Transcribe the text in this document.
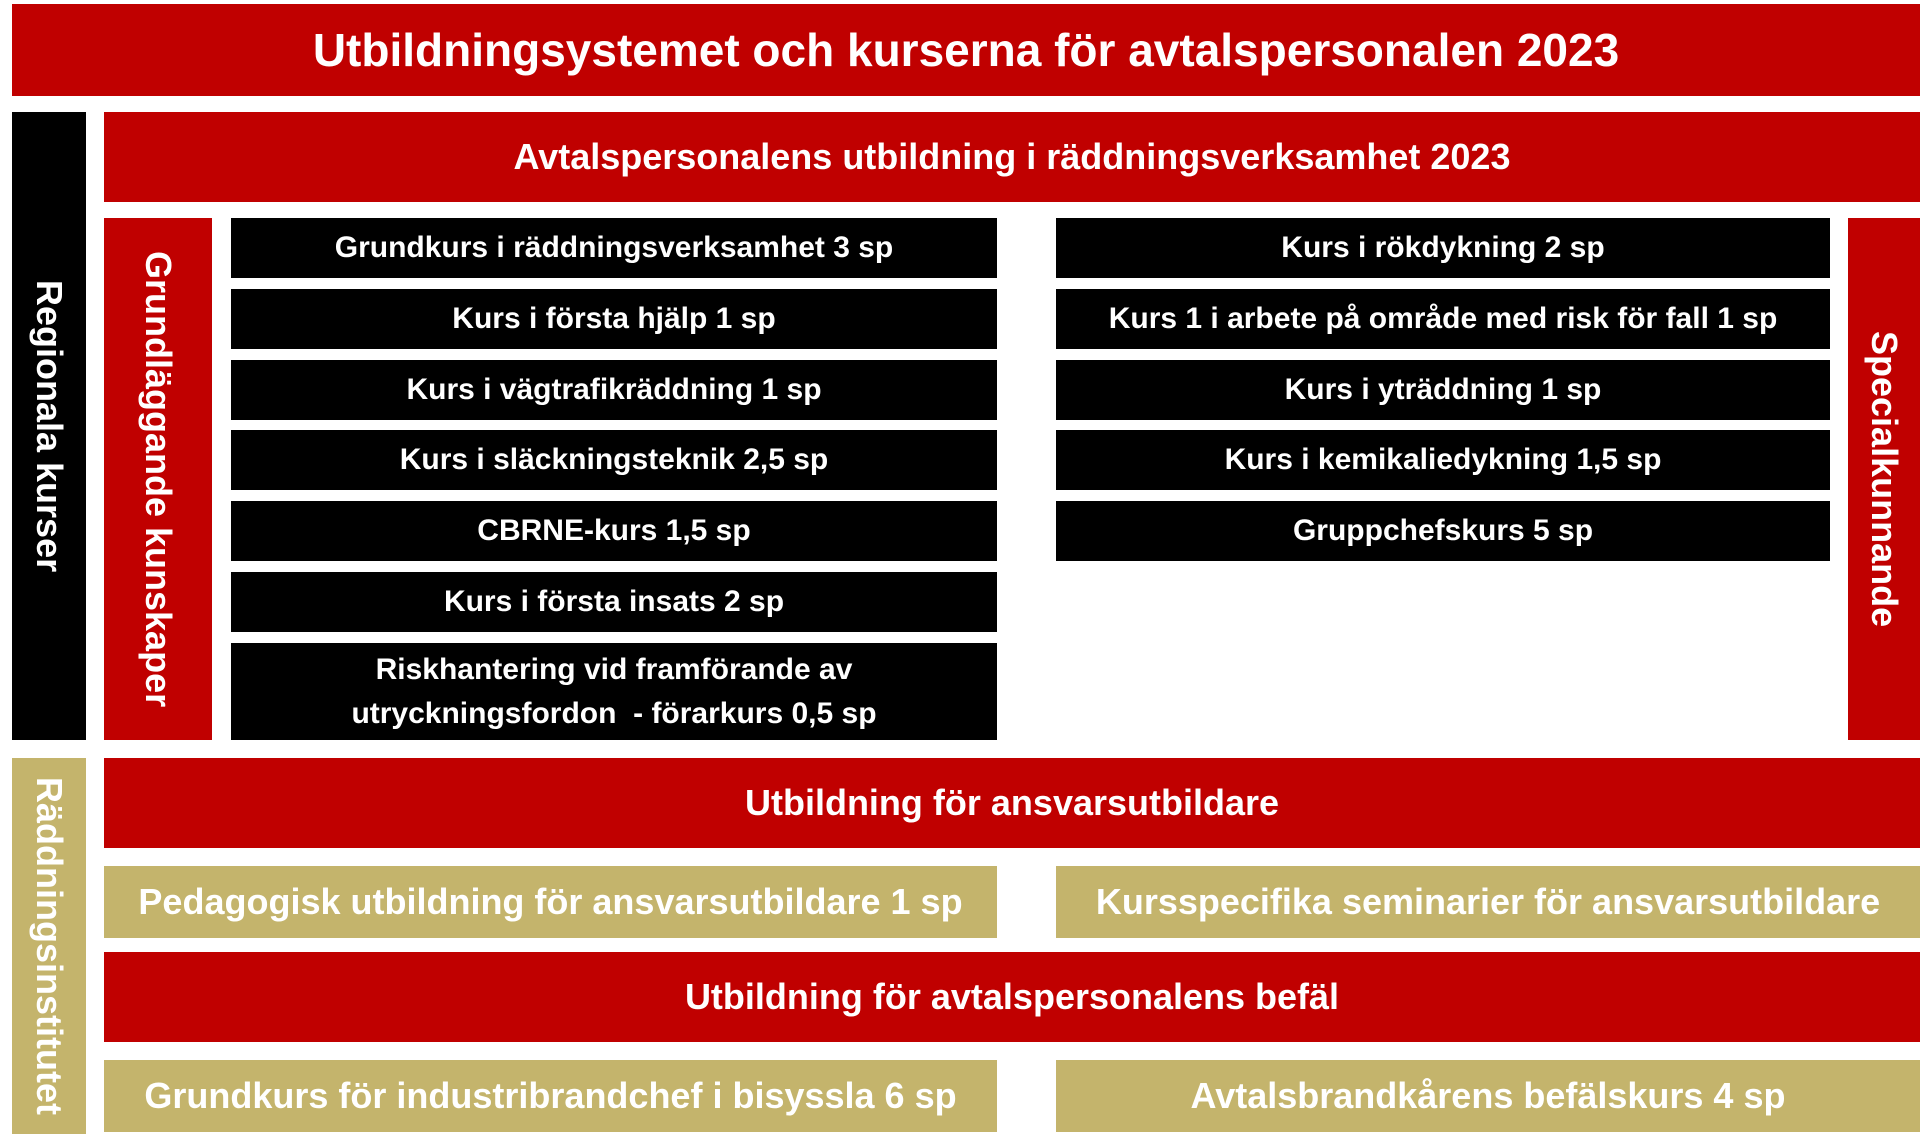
Utbildningsystemet och kurserna för avtalspersonalen 2023
Regionala kurser
Avtalspersonalens utbildning i räddningsverksamhet 2023
Grundläggande kunskaper
Grundkurs i räddningsverksamhet 3 sp
Kurs i första hjälp 1 sp
Kurs i vägtrafikräddning 1 sp
Kurs i släckningsteknik 2,5 sp
CBRNE-kurs 1,5 sp
Kurs i första insats 2 sp
Riskhantering vid framförande av
utryckningsfordon  - förarkurs 0,5 sp
Kurs i rökdykning 2 sp
Kurs 1 i arbete på område med risk för fall 1 sp
Kurs i yträddning 1 sp
Kurs i kemikaliedykning 1,5 sp
Gruppchefskurs 5 sp	Specialkunnande
Räddningsinstitutet	Utbildning för ansvarsutbildare
Pedagogisk utbildning för ansvarsutbildare 1 sp	Kursspecifika seminarier för ansvarsutbildare
Utbildning för avtalspersonalens befäl
Grundkurs för industribrandchef i bisyssla 6 sp	Avtalsbrandkårens befälskurs 4 sp
